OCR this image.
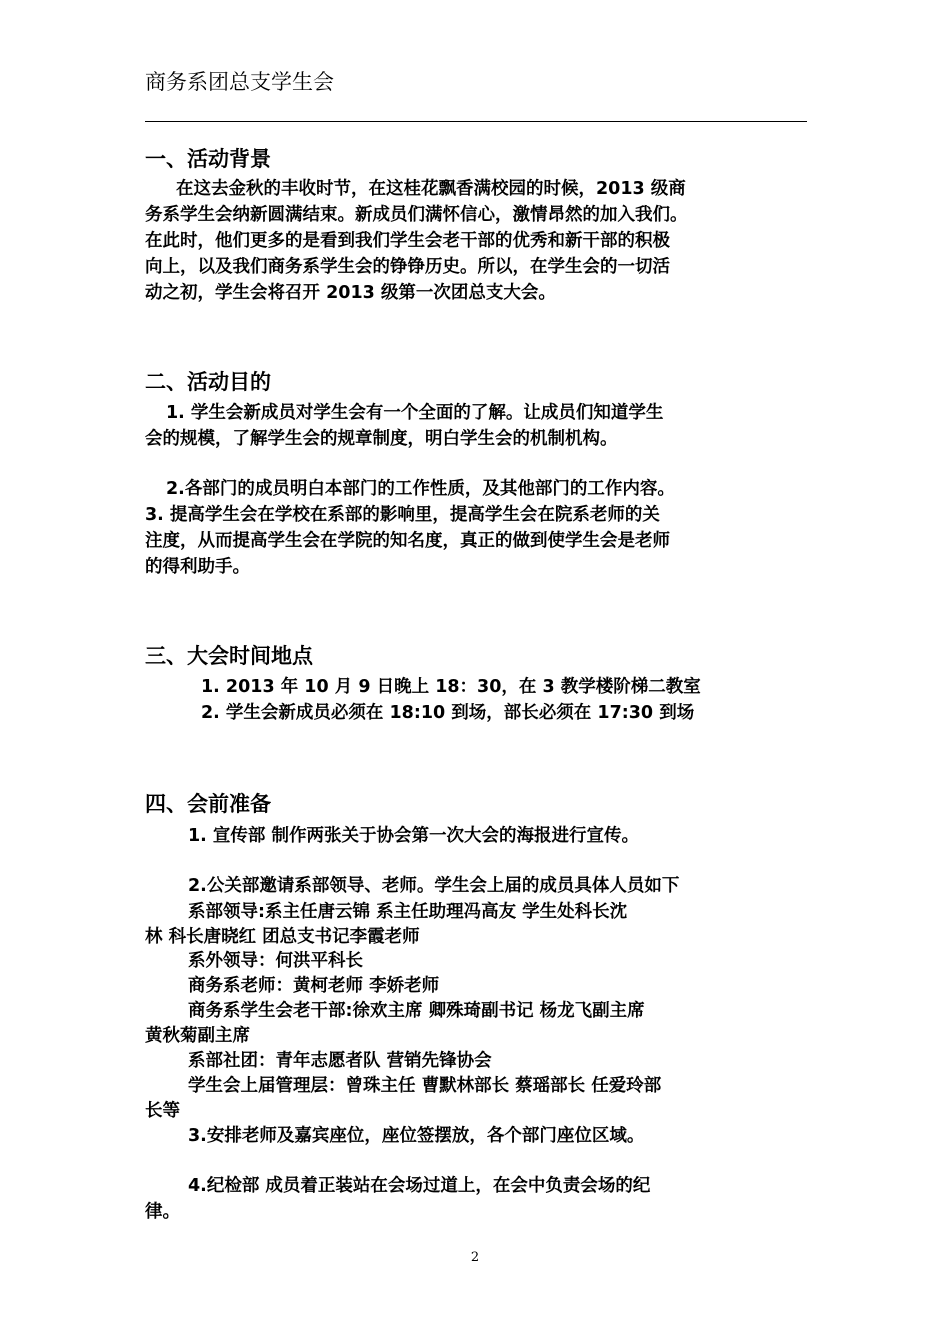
商务系团总支学生会
一、活动背景
在这去金秋的丰收时节，在这桂花飘香满校园的时候，2013 级商
务系学生会纳新圆满结束。新成员们满怀信心，激情昂然的加入我们。
在此时，他们更多的是看到我们学生会老干部的优秀和新干部的积极
向上，以及我们商务系学生会的铮铮历史。所以，在学生会的一切活
动之初，学生会将召开 2013 级第一次团总支大会。
二、活动目的
1. 学生会新成员对学生会有一个全面的了解。让成员们知道学生
会的规模，了解学生会的规章制度，明白学生会的机制机构。
2.各部门的成员明白本部门的工作性质，及其他部门的工作内容。
3. 提高学生会在学校在系部的影响里，提高学生会在院系老师的关
注度，从而提高学生会在学院的知名度，真正的做到使学生会是老师
的得利助手。
三、大会时间地点
1. 2013 年 10 月 9 日晚上 18：30，在 3 教学楼阶梯二教室
2. 学生会新成员必须在 18:10 到场，部长必须在 17:30 到场
四、会前准备
1. 宣传部 制作两张关于协会第一次大会的海报进行宣传。
2.公关部邀请系部领导、老师。学生会上届的成员具体人员如下
系部领导:系主任唐云锦 系主任助理冯高友 学生处科长沈
林 科长唐晓红 团总支书记李霞老师
系外领导：何洪平科长
商务系老师：黄柯老师 李娇老师
商务系学生会老干部:徐欢主席 卿殊琦副书记 杨龙飞副主席
黄秋菊副主席
系部社团：青年志愿者队 营销先锋协会
学生会上届管理层：曾珠主任 曹默林部长 蔡瑶部长 任爱玲部
长等
3.安排老师及嘉宾座位，座位签摆放，各个部门座位区域。
4.纪检部 成员着正装站在会场过道上，在会中负责会场的纪
律。
2
